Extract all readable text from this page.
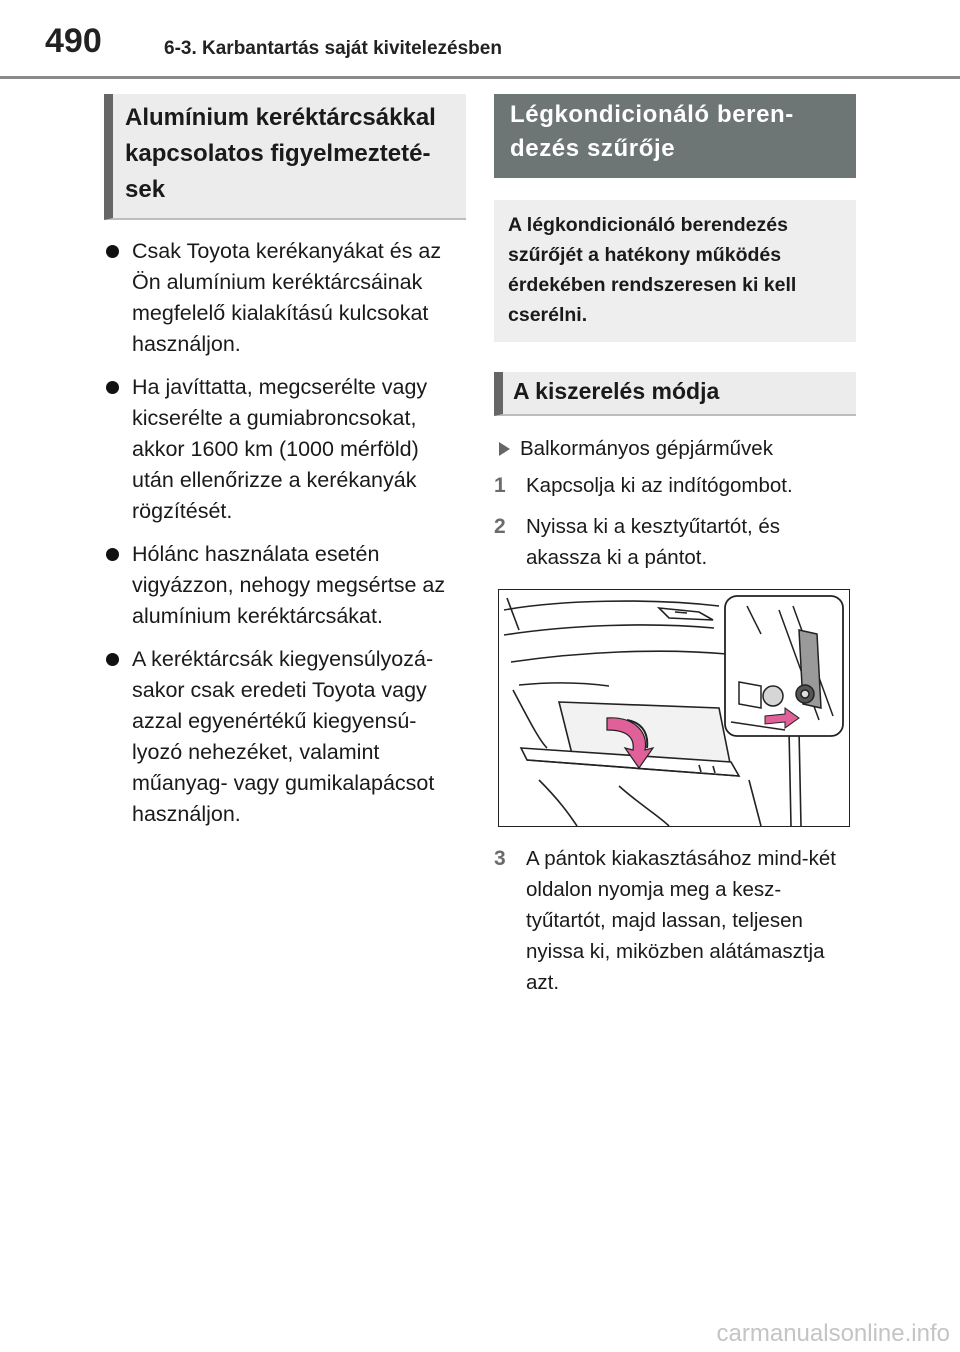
490	6-3. Karbantartás saját kivitelezésben
Alumínium keréktárcsákkal kapcsolatos figyelmezteté-sek
Csak Toyota kerékanyákat és az Ön alumínium keréktárcsáinak megfelelő kialakítású kulcsokat használjon.
Ha javíttatta, megcserélte vagy kicserélte a gumiabroncsokat, akkor 1600 km (1000 mérföld) után ellenőrizze a kerékanyák rögzítését.
Hólánc használata esetén vigyázzon, nehogy megsértse az alumínium keréktárcsákat.
A keréktárcsák kiegyensúlyozá-sakor csak eredeti Toyota vagy azzal egyenértékű kiegyensú-lyozó nehezéket, valamint műanyag- vagy gumikalapácsot használjon.
Légkondicionáló beren-dezés szűrője
A légkondicionáló berendezés szűrőjét a hatékony működés érdekében rendszeresen ki kell cserélni.
A kiszerelés módja
Balkormányos gépjárművek
1 Kapcsolja ki az indítógombot.
2 Nyissa ki a kesztyűtartót, és akassza ki a pántot.
3 A pántok kiakasztásához mind-két oldalon nyomja meg a kesz-tyűtartót, majd lassan, teljesen nyissa ki, miközben alátámasztja azt.
carmanualsonline.info
